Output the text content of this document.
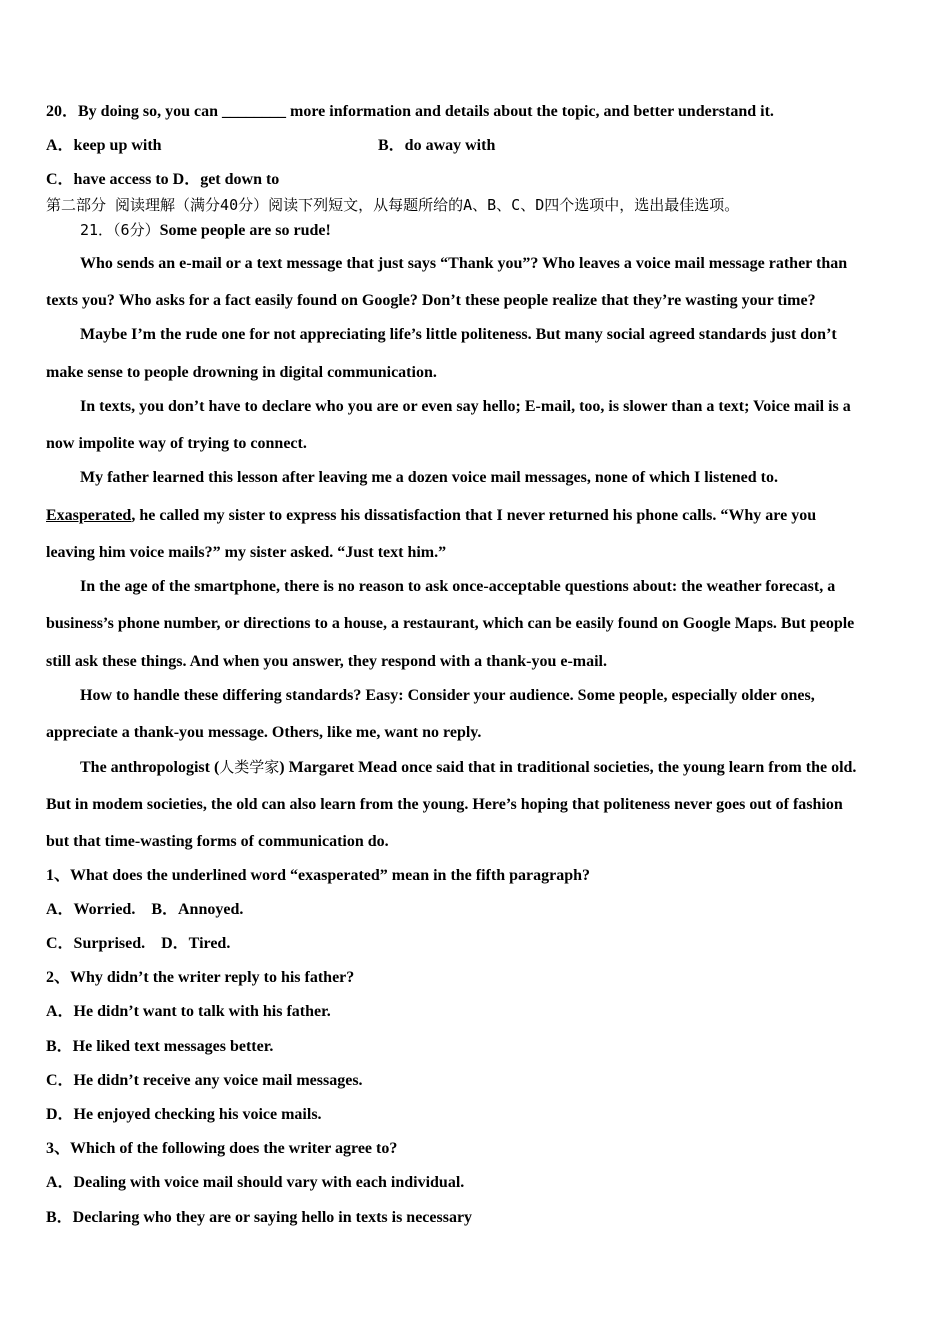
20．By doing so, you can ________ more information and details about the topic, and better understand it.
A．keep up with	B．do away with
C．have access to D．get down to
第二部分 阅读理解（满分40分）阅读下列短文，从每题所给的A、B、C、D四个选项中，选出最佳选项。
21．（6分）Some people are so rude!
Who sends an e-mail or a text message that just says “Thank you”? Who leaves a voice mail message rather than
texts you? Who asks for a fact easily found on Google? Don’t these people realize that they’re wasting your time?
Maybe I’m the rude one for not appreciating life’s little politeness. But many social agreed standards just don’t
make sense to people drowning in digital communication.
In texts, you don’t have to declare who you are or even say hello; E-mail, too, is slower than a text; Voice mail is a
now impolite way of trying to connect.
My father learned this lesson after leaving me a dozen voice mail messages, none of which I listened to.
Exasperated, he called my sister to express his dissatisfaction that I never returned his phone calls. “Why are you
leaving him voice mails?” my sister asked. “Just text him.”
In the age of the smartphone, there is no reason to ask once-acceptable questions about: the weather forecast, a
business’s phone number, or directions to a house, a restaurant, which can be easily found on Google Maps. But people
still ask these things. And when you answer, they respond with a thank-you e-mail.
How to handle these differing standards? Easy: Consider your audience. Some people, especially older ones,
appreciate a thank-you message. Others, like me, want no reply.
The anthropologist (人类学家) Margaret Mead once said that in traditional societies, the young learn from the old.
But in modem societies, the old can also learn from the young. Here’s hoping that politeness never goes out of fashion
but that time-wasting forms of communication do.
1、What does the underlined word “exasperated” mean in the fifth paragraph?
A．Worried.　B．Annoyed.
C．Surprised.　D．Tired.
2、Why didn’t the writer reply to his father?
A．He didn’t want to talk with his father.
B．He liked text messages better.
C．He didn’t receive any voice mail messages.
D．He enjoyed checking his voice mails.
3、Which of the following does the writer agree to?
A．Dealing with voice mail should vary with each individual.
B．Declaring who they are or saying hello in texts is necessary
